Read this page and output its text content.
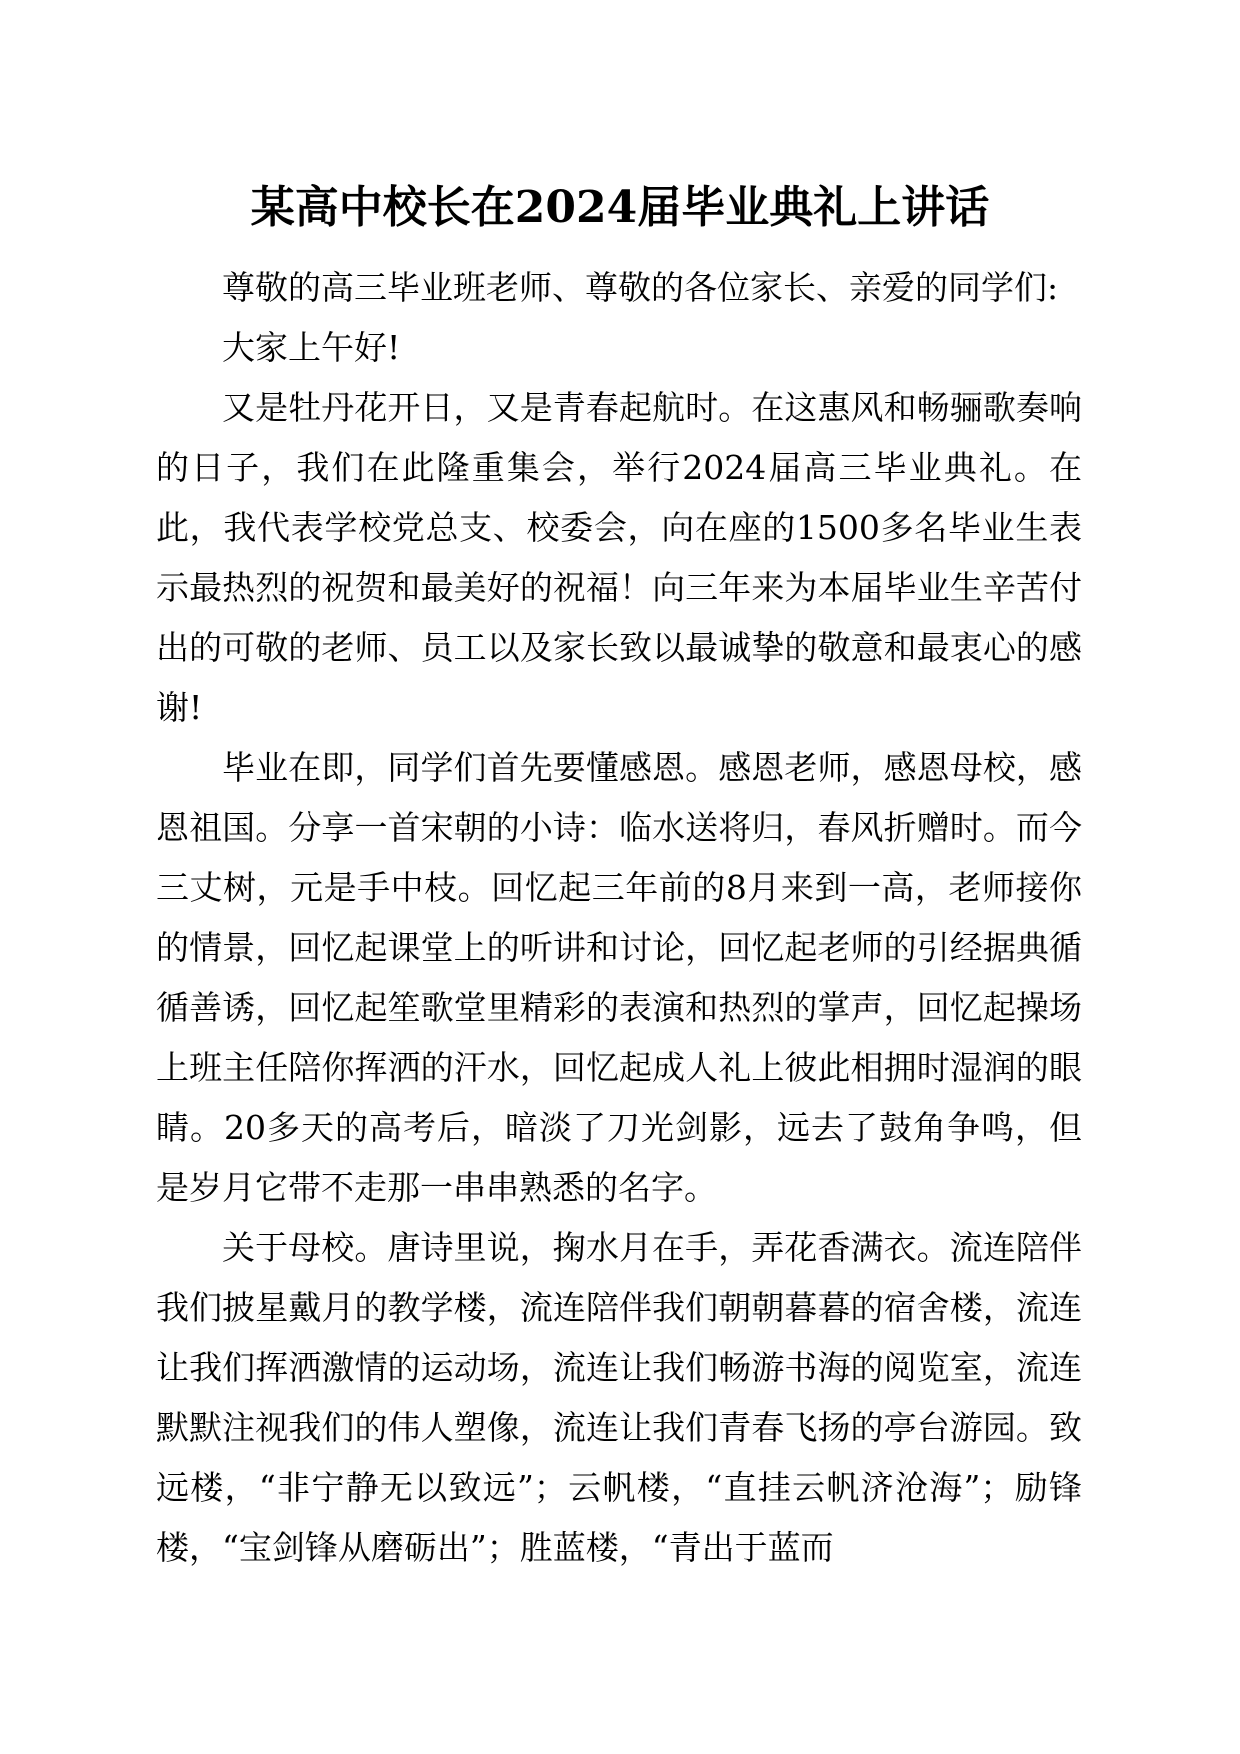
某高中校长在2024届毕业典礼上讲话

尊敬的高三毕业班老师、尊敬的各位家长、亲爱的同学们:

大家上午好!

又是牡丹花开日，又是青春起航时。在这惠风和畅骊歌奏响的日子，我们在此隆重集会，举行2024届高三毕业典礼。在此，我代表学校党总支、校委会，向在座的1500多名毕业生表示最热烈的祝贺和最美好的祝福！向三年来为本届毕业生辛苦付出的可敬的老师、员工以及家长致以最诚挚的敬意和最衷心的感谢!

毕业在即，同学们首先要懂感恩。感恩老师，感恩母校，感恩祖国。分享一首宋朝的小诗：临水送将归，春风折赠时。而今三丈树，元是手中枝。回忆起三年前的8月来到一高，老师接你的情景，回忆起课堂上的听讲和讨论，回忆起老师的引经据典循循善诱，回忆起笙歌堂里精彩的表演和热烈的掌声，回忆起操场上班主任陪你挥洒的汗水，回忆起成人礼上彼此相拥时湿润的眼睛。20多天的高考后，暗淡了刀光剑影，远去了鼓角争鸣，但是岁月它带不走那一串串熟悉的名字。

关于母校。唐诗里说，掬水月在手，弄花香满衣。流连陪伴我们披星戴月的教学楼，流连陪伴我们朝朝暮暮的宿舍楼，流连让我们挥洒激情的运动场，流连让我们畅游书海的阅览室，流连默默注视我们的伟人塑像，流连让我们青春飞扬的亭台游园。致远楼，“非宁静无以致远”；云帆楼，“直挂云帆济沧海”；励锋楼，“宝剑锋从磨砺出”；胜蓝楼，“青出于蓝而
